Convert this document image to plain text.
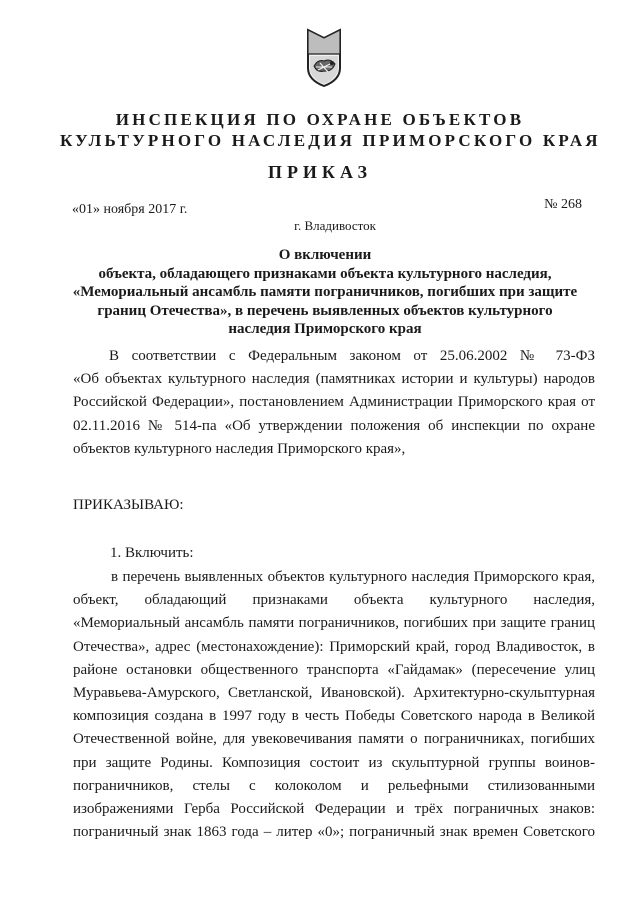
ИНСПЕКЦИЯ ПО ОХРАНЕ ОБЪЕКТОВ
КУЛЬТУРНОГО НАСЛЕДИЯ ПРИМОРСКОГО КРАЯ
ПРИКАЗ
«01» ноября 2017 г.	№ 268
г. Владивосток
О включении
объекта, обладающего признаками объекта культурного наследия,
«Мемориальный ансамбль памяти пограничников, погибших при защите
границ Отечества», в перечень выявленных объектов культурного
наследия Приморского края
В соответствии с Федеральным законом от 25.06.2002 № 73-ФЗ
«Об объектах культурного наследия (памятниках истории и культуры) народов
Российской Федерации», постановлением Администрации Приморского края от
02.11.2016 № 514-па «Об утверждении положения об инспекции по охране
объектов культурного наследия Приморского края»,
ПРИКАЗЫВАЮ:
1. Включить:
в перечень выявленных объектов культурного наследия Приморского края,
объект, обладающий признаками объекта культурного наследия,
«Мемориальный ансамбль памяти пограничников, погибших при защите границ
Отечества», адрес (местонахождение): Приморский край, город Владивосток, в
районе остановки общественного транспорта «Гайдамак» (пересечение улиц
Муравьева-Амурского, Светланской, Ивановской). Архитектурно-скульптурная
композиция создана в 1997 году в честь Победы Советского народа в Великой
Отечественной войне, для увековечивания памяти о пограничниках, погибших
при защите Родины. Композиция состоит из скульптурной группы воинов-
пограничников, стелы с колоколом и рельефными стилизованными
изображениями Герба Российской Федерации и трёх пограничных знаков:
пограничный знак 1863 года – литер «0»; пограничный знак времен Советского
